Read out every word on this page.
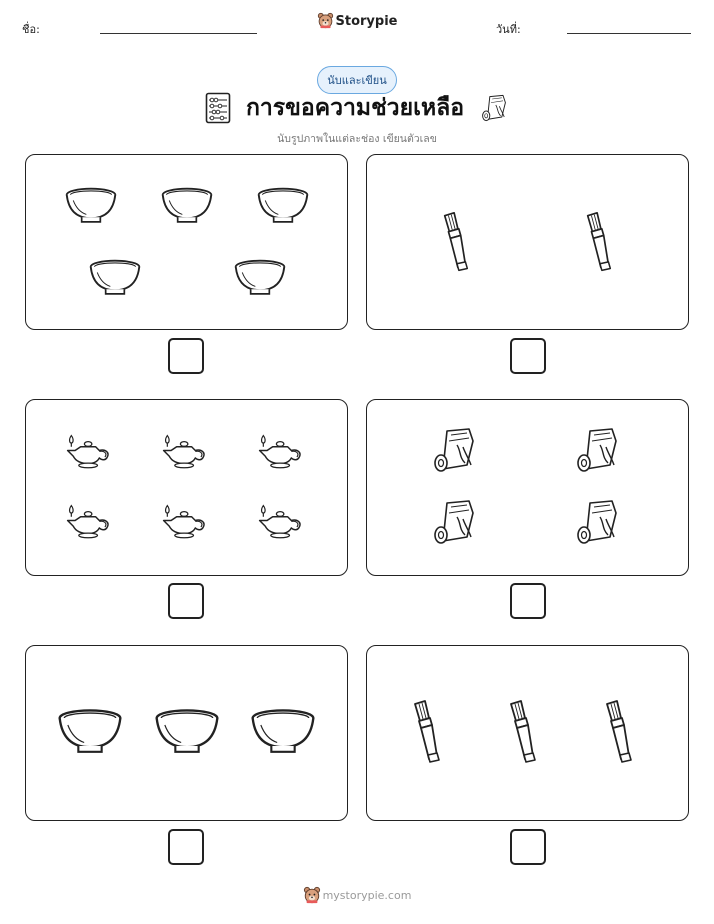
ชื่อ:
Storypie
วันที่:
นับและเขียน
การขอความช่วยเหลือ
นับรูปภาพในแต่ละช่อง เขียนตัวเลข
mystorypie.com
